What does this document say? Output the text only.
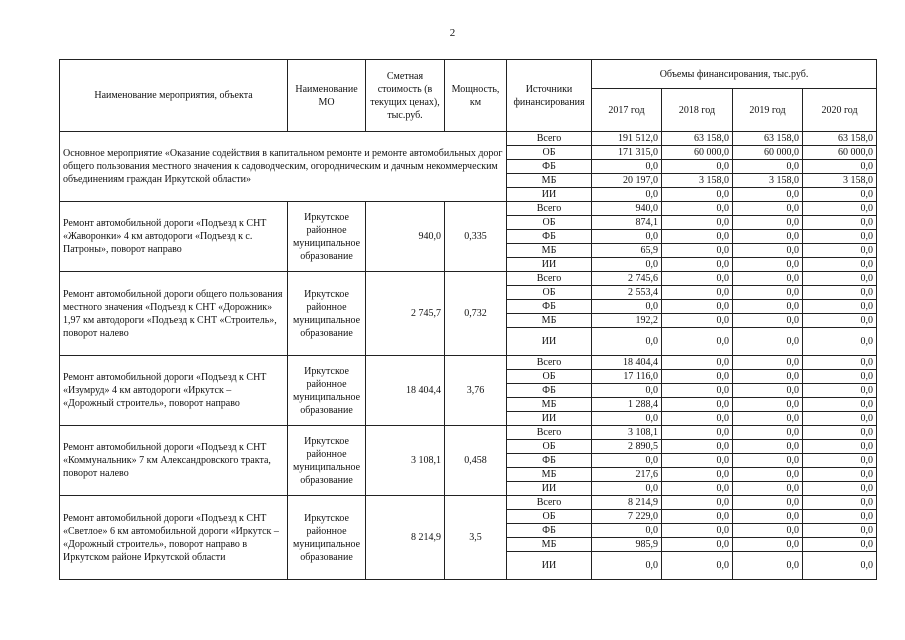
2
Наименование мероприятия, объекта	Наименование МО	Сметная стоимость (в текущих ценах), тыс.руб.	Мощность, км	Источники финансирования	Объемы финансирования, тыс.руб.			
					2017 год	2018 год	2019 год	2020 год
Основное мероприятие «Оказание содействия в капитальном ремонте и ремонте автомобильных дорог общего пользования местного значения к садоводческим, огородническим и дачным некоммерческим объединениям граждан Иркутской области»				Всего	191 512,0	63 158,0	63 158,0	63 158,0
				ОБ	171 315,0	60 000,0	60 000,0	60 000,0
				ФБ	0,0	0,0	0,0	0,0
				МБ	20 197,0	3 158,0	3 158,0	3 158,0
				ИИ	0,0	0,0	0,0	0,0
Ремонт автомобильной дороги «Подъезд к СНТ «Жаворонки» 4 км автодороги «Подъезд к с. Патроны», поворот направо	Иркутское районное муниципальное образование	940,0	0,335	Всего	940,0	0,0	0,0	0,0
				ОБ	874,1	0,0	0,0	0,0
				ФБ	0,0	0,0	0,0	0,0
				МБ	65,9	0,0	0,0	0,0
				ИИ	0,0	0,0	0,0	0,0
Ремонт автомобильной дороги общего пользования местного значения «Подъезд к СНТ «Дорожник» 1,97 км автодороги «Подъезд к СНТ «Строитель», поворот налево	Иркутское районное муниципальное образование	2 745,7	0,732	Всего	2 745,6	0,0	0,0	0,0
				ОБ	2 553,4	0,0	0,0	0,0
				ФБ	0,0	0,0	0,0	0,0
				МБ	192,2	0,0	0,0	0,0
				ИИ	0,0	0,0	0,0	0,0
Ремонт автомобильной дороги «Подъезд к СНТ «Изумруд» 4 км автодороги «Иркутск – «Дорожный строитель», поворот направо	Иркутское районное муниципальное образование	18 404,4	3,76	Всего	18 404,4	0,0	0,0	0,0
				ОБ	17 116,0	0,0	0,0	0,0
				ФБ	0,0	0,0	0,0	0,0
				МБ	1 288,4	0,0	0,0	0,0
				ИИ	0,0	0,0	0,0	0,0
Ремонт автомобильной дороги «Подъезд к СНТ «Коммунальник» 7 км Александровского тракта, поворот налево	Иркутское районное муниципальное образование	3 108,1	0,458	Всего	3 108,1	0,0	0,0	0,0
				ОБ	2 890,5	0,0	0,0	0,0
				ФБ	0,0	0,0	0,0	0,0
				МБ	217,6	0,0	0,0	0,0
				ИИ	0,0	0,0	0,0	0,0
Ремонт автомобильной дороги «Подъезд к СНТ «Светлое» 6 км автомобильной дороги «Иркутск – «Дорожный строитель», поворот направо в Иркутском районе Иркутской области	Иркутское районное муниципальное образование	8 214,9	3,5	Всего	8 214,9	0,0	0,0	0,0
				ОБ	7 229,0	0,0	0,0	0,0
				ФБ	0,0	0,0	0,0	0,0
				МБ	985,9	0,0	0,0	0,0
				ИИ	0,0	0,0	0,0	0,0
